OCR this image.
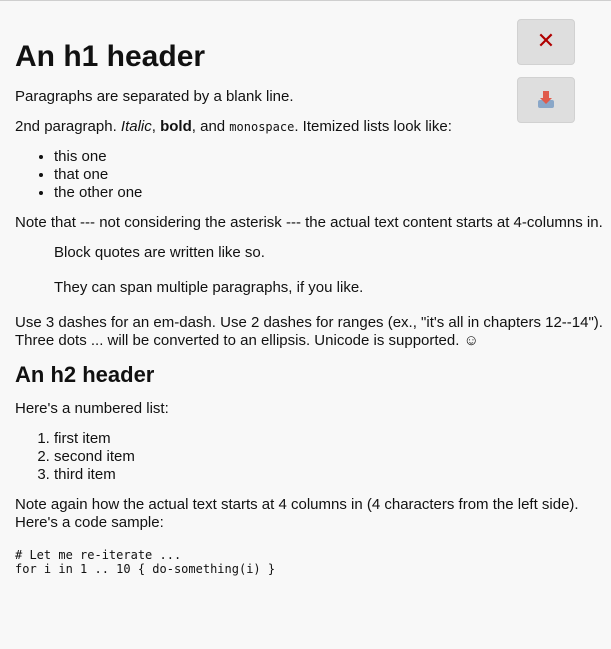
An h1 header

Paragraphs are separated by a blank line.

2nd paragraph. Italic, bold, and monospace. Itemized lists look like:

• this one
• that one
• the other one

Note that --- not considering the asterisk --- the actual text content starts at 4-columns in.

Block quotes are written like so.

They can span multiple paragraphs, if you like.

Use 3 dashes for an em-dash. Use 2 dashes for ranges (ex., "it's all in chapters 12--14"). Three dots ... will be converted to an ellipsis. Unicode is supported. ☺

An h2 header

Here's a numbered list:

1. first item
2. second item
3. third item

Note again how the actual text starts at 4 columns in (4 characters from the left side). Here's a code sample:

# Let me re-iterate ...
for i in 1 .. 10 { do-something(i) }
✕
